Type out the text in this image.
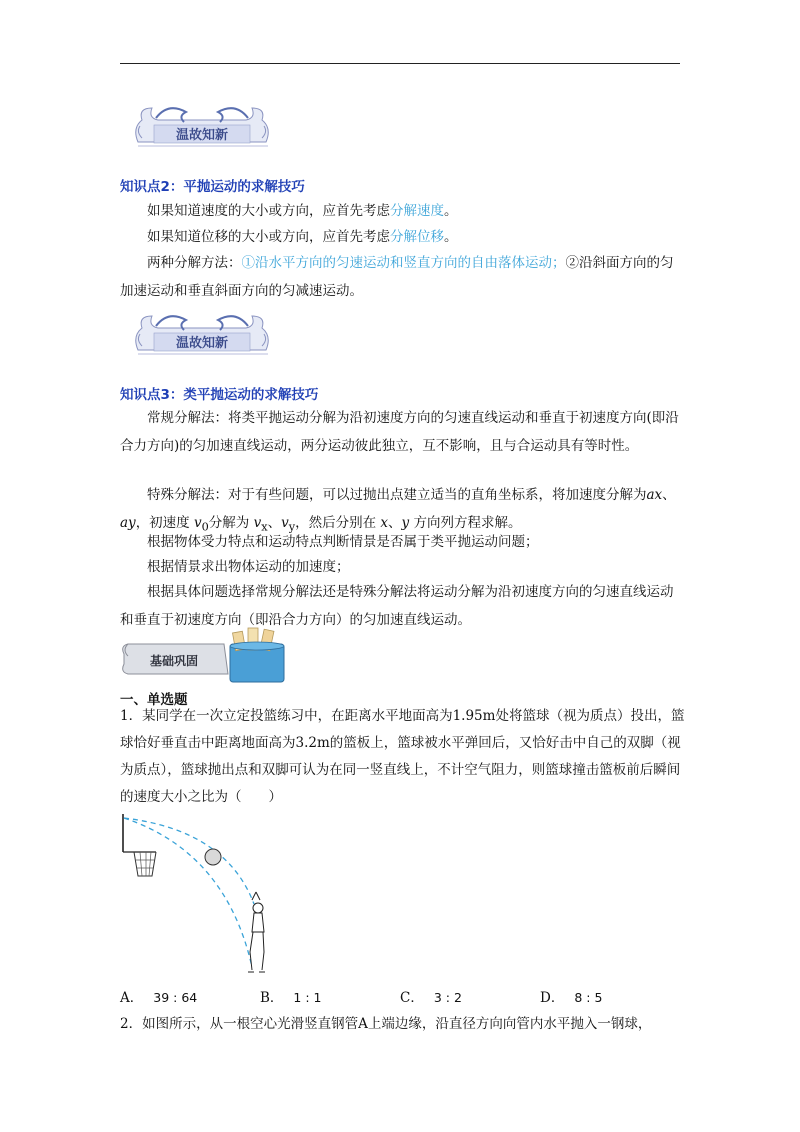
温故知新
知识点2：平抛运动的求解技巧
如果知道速度的大小或方向，应首先考虑分解速度。
如果知道位移的大小或方向，应首先考虑分解位移。
两种分解方法：①沿水平方向的匀速运动和竖直方向的自由落体运动；②沿斜面方向的匀加速运动和垂直斜面方向的匀减速运动。
温故知新
知识点3：类平抛运动的求解技巧
常规分解法：将类平抛运动分解为沿初速度方向的匀速直线运动和垂直于初速度方向(即沿合力方向)的匀加速直线运动，两分运动彼此独立，互不影响，且与合运动具有等时性。
特殊分解法：对于有些问题，可以过抛出点建立适当的直角坐标系，将加速度分解为ax、ay，初速度 $v_0$分解为 $v_x$、$v_y$，然后分别在 x、y 方向列方程求解。
根据物体受力特点和运动特点判断情景是否属于类平抛运动问题；
根据情景求出物体运动的加速度；
根据具体问题选择常规分解法还是特殊分解法将运动分解为沿初速度方向的匀速直线运动和垂直于初速度方向（即沿合力方向）的匀加速直线运动。
基础巩固
一、单选题
1．某同学在一次立定投篮练习中，在距离水平地面高为1.95m处将篮球（视为质点）投出，篮球恰好垂直击中距离地面高为3.2m的篮板上，篮球被水平弹回后，又恰好击中自己的双脚（视为质点），篮球抛出点和双脚可认为在同一竖直线上，不计空气阻力，则篮球撞击篮板前后瞬间的速度大小之比为（　　）
A． 39 : 64	B． 1 : 1	C． 3 : 2	D． 8 : 5
2．如图所示，从一根空心光滑竖直钢管A上端边缘，沿直径方向向管内水平抛入一钢球，
